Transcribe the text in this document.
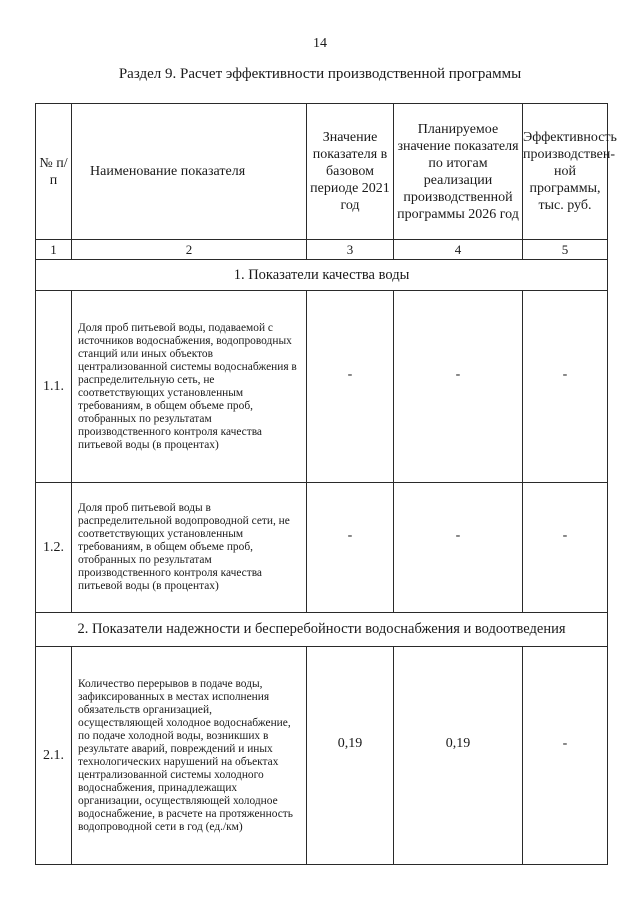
14
Раздел 9. Расчет эффективности производственной программы
№ п/п	Наименование показателя	Значение показателя в базовом периоде 2021 год	Планируемое значение показателя по итогам реализации производственной программы 2026 год	Эффективность производствен-ной программы, тыс. руб.
1	2	3	4	5
1. Показатели качества воды				
1.1.	Доля проб питьевой воды, подаваемой с источников водоснабжения, водопроводных станций или иных объектов централизованной системы водоснабжения в распределительную сеть, не соответствующих установленным требованиям, в общем объеме проб, отобранных по результатам производственного контроля качества питьевой воды (в процентах)	-	-	-
1.2.	Доля проб питьевой воды в распределительной водопроводной сети, не соответствующих установленным требованиям, в общем объеме проб, отобранных по результатам производственного контроля качества питьевой воды (в процентах)	-	-	-
2. Показатели надежности и бесперебойности водоснабжения и водоотведения				
2.1.	Количество перерывов в подаче воды, зафиксированных в местах исполнения обязательств организацией, осуществляющей холодное водоснабжение, по подаче холодной воды, возникших в результате аварий, повреждений и иных технологических нарушений на объектах централизованной системы холодного водоснабжения, принадлежащих организации, осуществляющей холодное водоснабжение, в расчете на протяженность водопроводной сети в год (ед./км)	0,19	0,19	-
